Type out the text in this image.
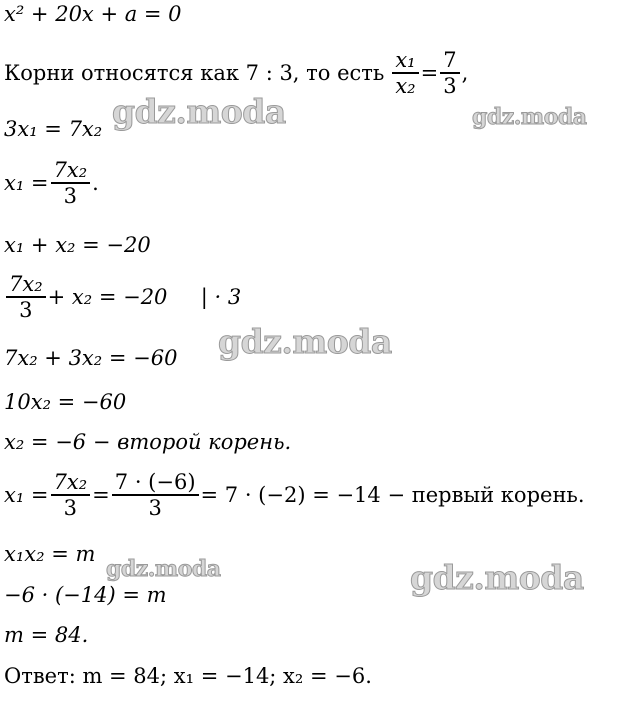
x² + 20x + a = 0
Корни относятся как 7 : 3, то есть $\frac{\text{x₁}}{\text{x₂}} = \frac{7}{3}$ ,
3x₁ = 7x₂
$x_1 = \frac{\text{7x₂}}{3}$ .
x₁ + x₂ = −20
$\frac{\text{7x₂}}{3} + x_2 = -20$     | · 3
7x₂ + 3x₂ = −60
10x₂ = −60
x₂ = −6 − второй корень.
$x_1 = \frac{\text{7x₂}}{3} = \frac{7 \cdot (-6)}{3} = 7 \cdot (-2) = -14$ − первый корень.
x₁x₂ = m
−6 · (−14) = m
m = 84.
Ответ: m = 84; x₁ = −14; x₂ = −6.
gdz.moda	gdz.moda
gdz.moda
gdz.moda	gdz.moda
